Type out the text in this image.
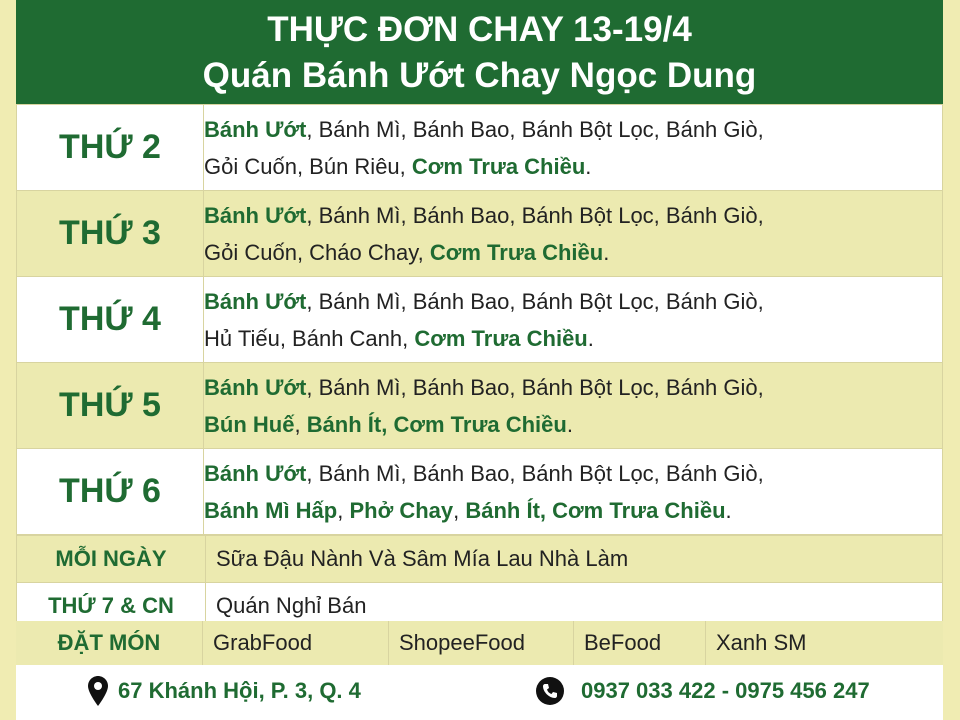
THỰC ĐƠN CHAY 13-19/4
Quán Bánh Ướt Chay Ngọc Dung
THỨ 2	Bánh Ướt, Bánh Mì, Bánh Bao, Bánh Bột Lọc, Bánh Giò,
Gỏi Cuốn, Bún Riêu, Cơm Trưa Chiều.

THỨ 3	Bánh Ướt, Bánh Mì, Bánh Bao, Bánh Bột Lọc, Bánh Giò,
Gỏi Cuốn, Cháo Chay, Cơm Trưa Chiều.

THỨ 4	Bánh Ướt, Bánh Mì, Bánh Bao, Bánh Bột Lọc, Bánh Giò,
Hủ Tiếu, Bánh Canh, Cơm Trưa Chiều.

THỨ 5	Bánh Ướt, Bánh Mì, Bánh Bao, Bánh Bột Lọc, Bánh Giò,
Bún Huế, Bánh Ít, Cơm Trưa Chiều.

THỨ 6	Bánh Ướt, Bánh Mì, Bánh Bao, Bánh Bột Lọc, Bánh Giò,
Bánh Mì Hấp, Phở Chay, Bánh Ít, Cơm Trưa Chiều.
MỖI NGÀY	Sữa Đậu Nành Và Sâm Mía Lau Nhà Làm
THỨ 7 & CN	Quán Nghỉ Bán
ĐẶT MÓN	GrabFood	ShopeeFood	BeFood	Xanh SM
67 Khánh Hội, P. 3, Q. 4	0937 033 422 - 0975 456 247
